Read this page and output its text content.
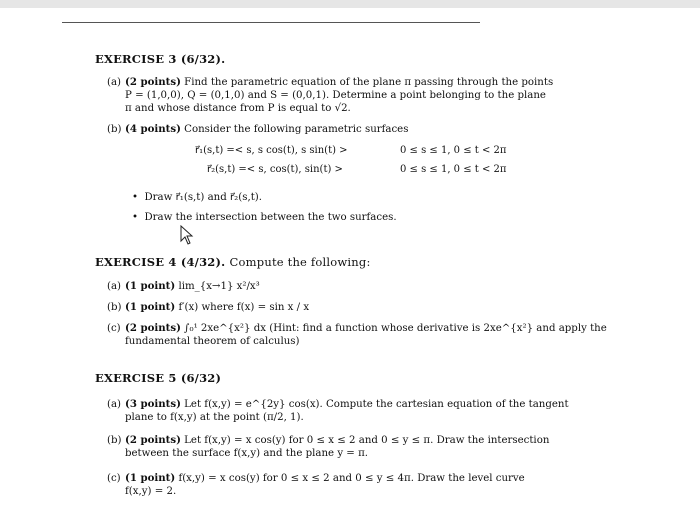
EXERCISE 3 (6/32).
(a) (2 points) Find the parametric equation of the plane π passing through the points
P = (1,0,0), Q = (0,1,0) and S = (0,0,1). Determine a point belonging to the plane
π and whose distance from P is equal to √2.
(b) (4 points) Consider the following parametric surfaces
r⃗₁(s,t) =< s, s cos(t), s sin(t) >	0 ≤ s ≤ 1, 0 ≤ t < 2π
r⃗₂(s,t) =< s, cos(t), sin(t) >	0 ≤ s ≤ 1, 0 ≤ t < 2π
•  Draw r⃗₁(s,t) and r⃗₂(s,t).
•  Draw the intersection between the two surfaces.
EXERCISE 4 (4/32). Compute the following:
(a) (1 point) lim_{x→1} x²/x³
(b) (1 point) f′(x) where f(x) = sin x / x
(c) (2 points) ∫₀¹ 2xe^{x²} dx (Hint: find a function whose derivative is 2xe^{x²} and apply the
fundamental theorem of calculus)
EXERCISE 5 (6/32)
(a) (3 points) Let f(x,y) = e^{2y} cos(x). Compute the cartesian equation of the tangent
plane to f(x,y) at the point (π/2, 1).
(b) (2 points) Let f(x,y) = x cos(y) for 0 ≤ x ≤ 2 and 0 ≤ y ≤ π. Draw the intersection
between the surface f(x,y) and the plane y = π.
(c) (1 point) f(x,y) = x cos(y) for 0 ≤ x ≤ 2 and 0 ≤ y ≤ 4π. Draw the level curve
f(x,y) = 2.
